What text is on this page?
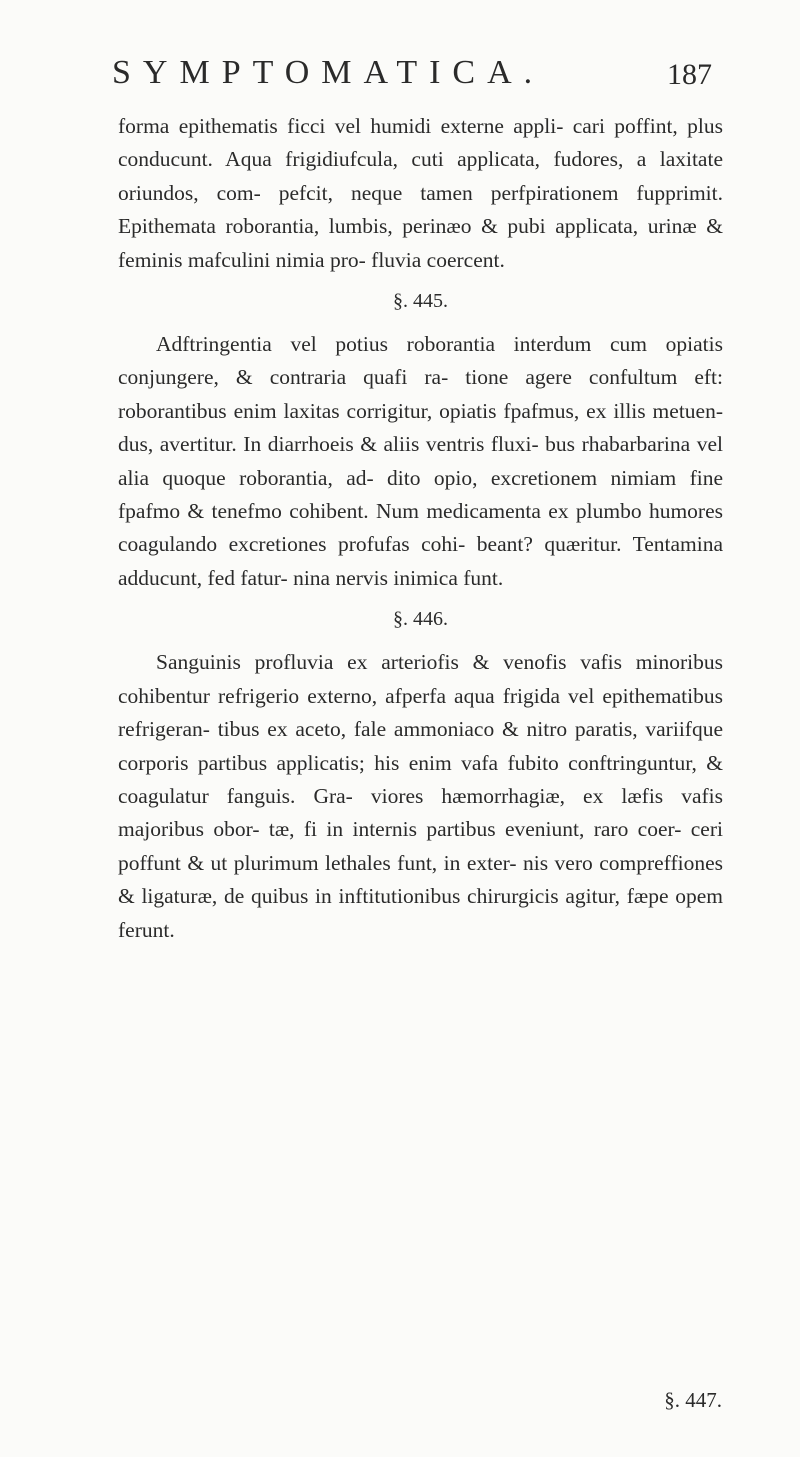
SYMPTOMATICA.	187

forma epithematis ficci vel humidi externe appli- cari poffint, plus conducunt. Aqua frigidiufcula, cuti applicata, fudores, a laxitate oriundos, com- pefcit, neque tamen perfpirationem fupprimit. Epithemata roborantia, lumbis, perinæo & pubi applicata, urinæ & feminis mafculini nimia pro- fluvia coercent.

§. 445.

Adftringentia vel potius roborantia interdum cum opiatis conjungere, & contraria quafi ra- tione agere confultum eft: roborantibus enim laxitas corrigitur, opiatis fpafmus, ex illis metuen- dus, avertitur. In diarrhoeis & aliis ventris fluxi- bus rhabarbarina vel alia quoque roborantia, ad- dito opio, excretionem nimiam fine fpafmo & tenefmo cohibent. Num medicamenta ex plumbo humores coagulando excretiones profufas cohi- beant? quæritur. Tentamina adducunt, fed fatur- nina nervis inimica funt.

§. 446.

Sanguinis profluvia ex arteriofis & venofis vafis minoribus cohibentur refrigerio externo, afperfa aqua frigida vel epithematibus refrigeran- tibus ex aceto, fale ammoniaco & nitro paratis, variifque corporis partibus applicatis; his enim vafa fubito conftringuntur, & coagulatur fanguis. Gra- viores hæmorrhagiæ, ex læfis vafis majoribus obor- tæ, fi in internis partibus eveniunt, raro coer- ceri poffunt & ut plurimum lethales funt, in exter- nis vero compreffiones & ligaturæ, de quibus in inftitutionibus chirurgicis agitur, fæpe opem ferunt.

§. 447.
